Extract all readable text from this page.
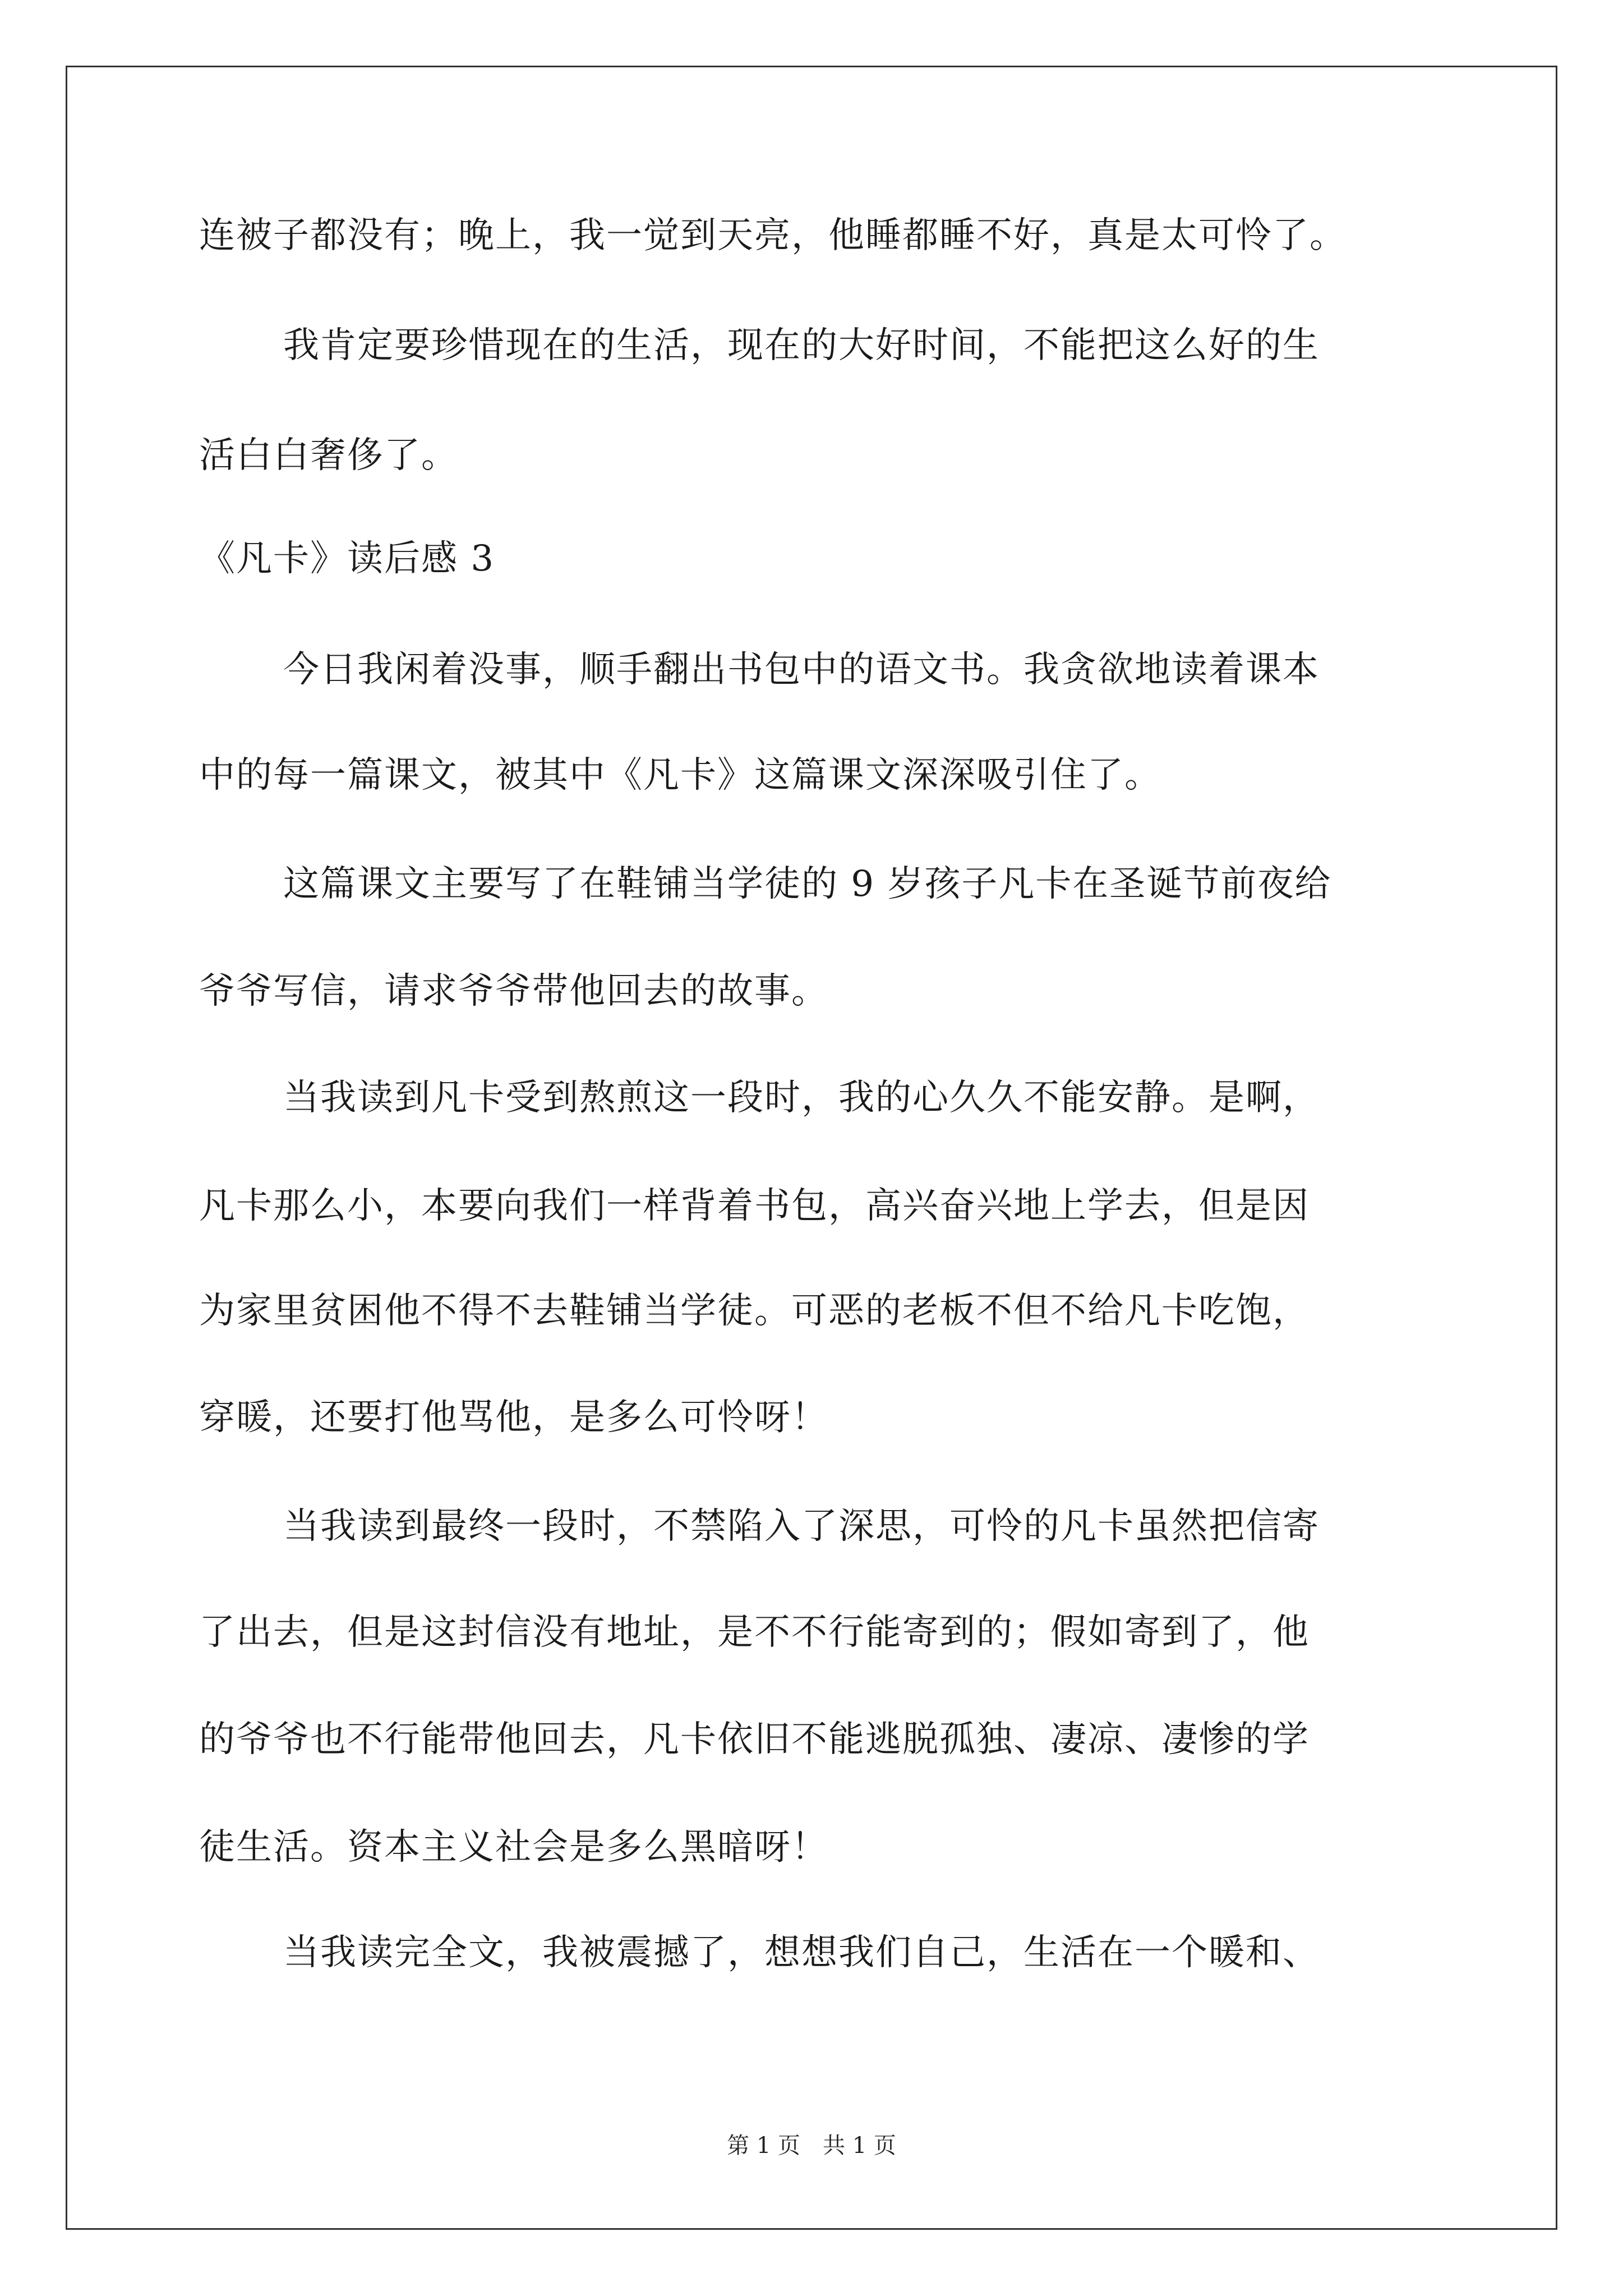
连被子都没有；晚上，我一觉到天亮，他睡都睡不好，真是太可怜了。
我肯定要珍惜现在的生活，现在的大好时间，不能把这么好的生
活白白奢侈了。
《凡卡》读后感 3
今日我闲着没事，顺手翻出书包中的语文书。我贪欲地读着课本
中的每一篇课文，被其中《凡卡》这篇课文深深吸引住了。
这篇课文主要写了在鞋铺当学徒的 9 岁孩子凡卡在圣诞节前夜给
爷爷写信，请求爷爷带他回去的故事。
当我读到凡卡受到熬煎这一段时，我的心久久不能安静。是啊，
凡卡那么小，本要向我们一样背着书包，高兴奋兴地上学去，但是因
为家里贫困他不得不去鞋铺当学徒。可恶的老板不但不给凡卡吃饱，
穿暖，还要打他骂他，是多么可怜呀！
当我读到最终一段时，不禁陷入了深思，可怜的凡卡虽然把信寄
了出去，但是这封信没有地址，是不不行能寄到的；假如寄到了，他
的爷爷也不行能带他回去，凡卡依旧不能逃脱孤独、凄凉、凄惨的学
徒生活。资本主义社会是多么黑暗呀！
当我读完全文，我被震撼了，想想我们自己，生活在一个暖和、
第 1 页　共 1 页
